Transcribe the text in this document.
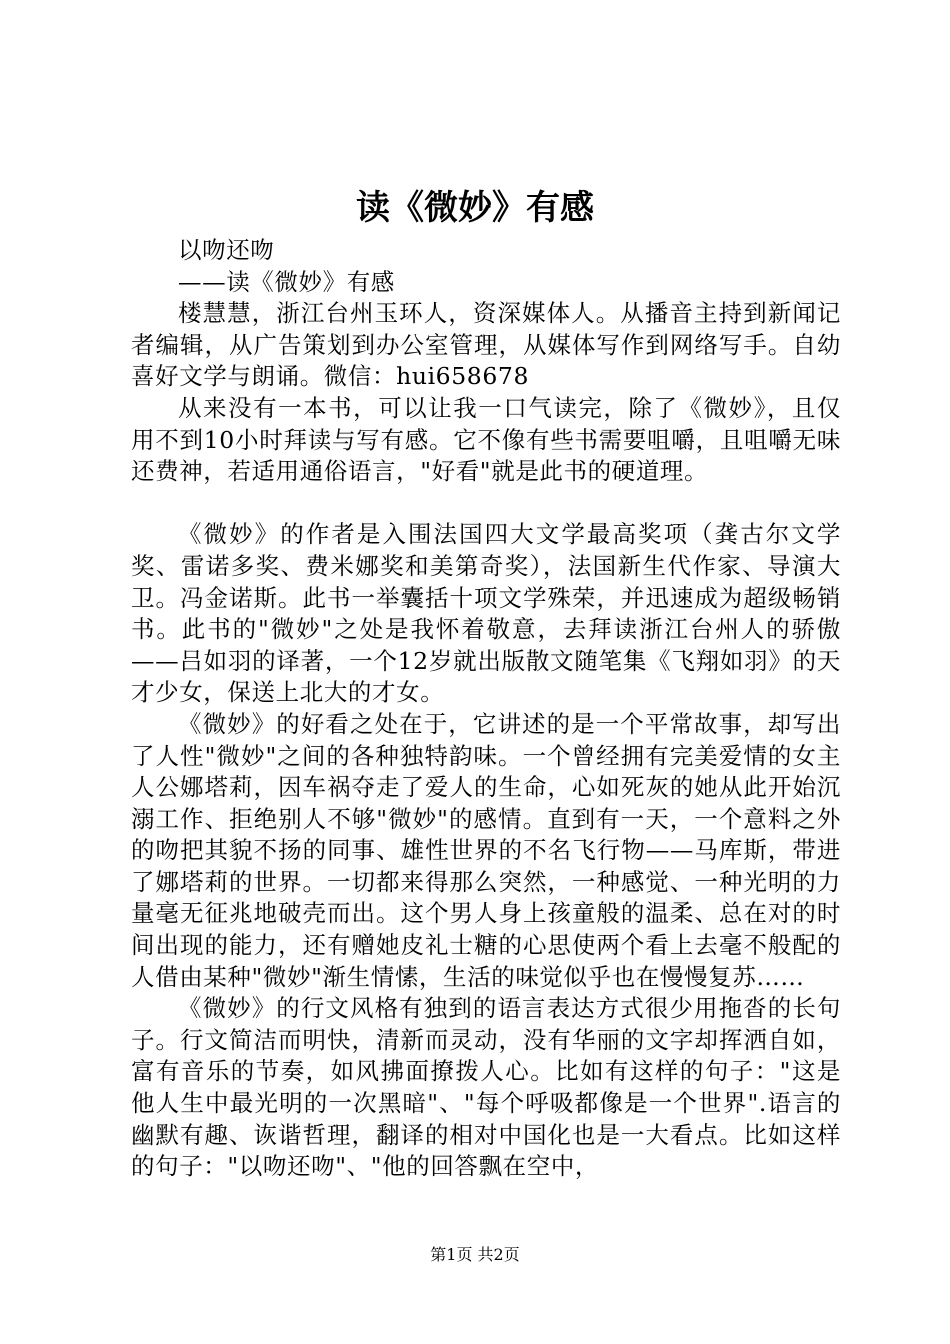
读《微妙》有感

以吻还吻

——读《微妙》有感

楼慧慧，浙江台州玉环人，资深媒体人。从播音主持到新闻记者编辑，从广告策划到办公室管理，从媒体写作到网络写手。自幼喜好文学与朗诵。微信：hui658678

从来没有一本书，可以让我一口气读完，除了《微妙》，且仅用不到10小时拜读与写有感。它不像有些书需要咀嚼，且咀嚼无味还费神，若适用通俗语言，"好看"就是此书的硬道理。

《微妙》的作者是入围法国四大文学最高奖项（龚古尔文学奖、雷诺多奖、费米娜奖和美第奇奖），法国新生代作家、导演大卫。冯金诺斯。此书一举囊括十项文学殊荣，并迅速成为超级畅销书。此书的"微妙"之处是我怀着敬意，去拜读浙江台州人的骄傲——吕如羽的译著，一个12岁就出版散文随笔集《飞翔如羽》的天才少女，保送上北大的才女。

《微妙》的好看之处在于，它讲述的是一个平常故事，却写出了人性"微妙"之间的各种独特韵味。一个曾经拥有完美爱情的女主人公娜塔莉，因车祸夺走了爱人的生命，心如死灰的她从此开始沉溺工作、拒绝别人不够"微妙"的感情。直到有一天，一个意料之外的吻把其貌不扬的同事、雄性世界的不名飞行物——马库斯，带进了娜塔莉的世界。一切都来得那么突然，一种感觉、一种光明的力量毫无征兆地破壳而出。这个男人身上孩童般的温柔、总在对的时间出现的能力，还有赠她皮礼士糖的心思使两个看上去毫不般配的人借由某种"微妙"渐生情愫，生活的味觉似乎也在慢慢复苏……

《微妙》的行文风格有独到的语言表达方式很少用拖沓的长句子。行文简洁而明快，清新而灵动，没有华丽的文字却挥洒自如，富有音乐的节奏，如风拂面撩拨人心。比如有这样的句子："这是他人生中最光明的一次黑暗"、"每个呼吸都像是一个世界".语言的幽默有趣、诙谐哲理，翻译的相对中国化也是一大看点。比如这样的句子："以吻还吻"、"他的回答飘在空中，

第1页 共2页
